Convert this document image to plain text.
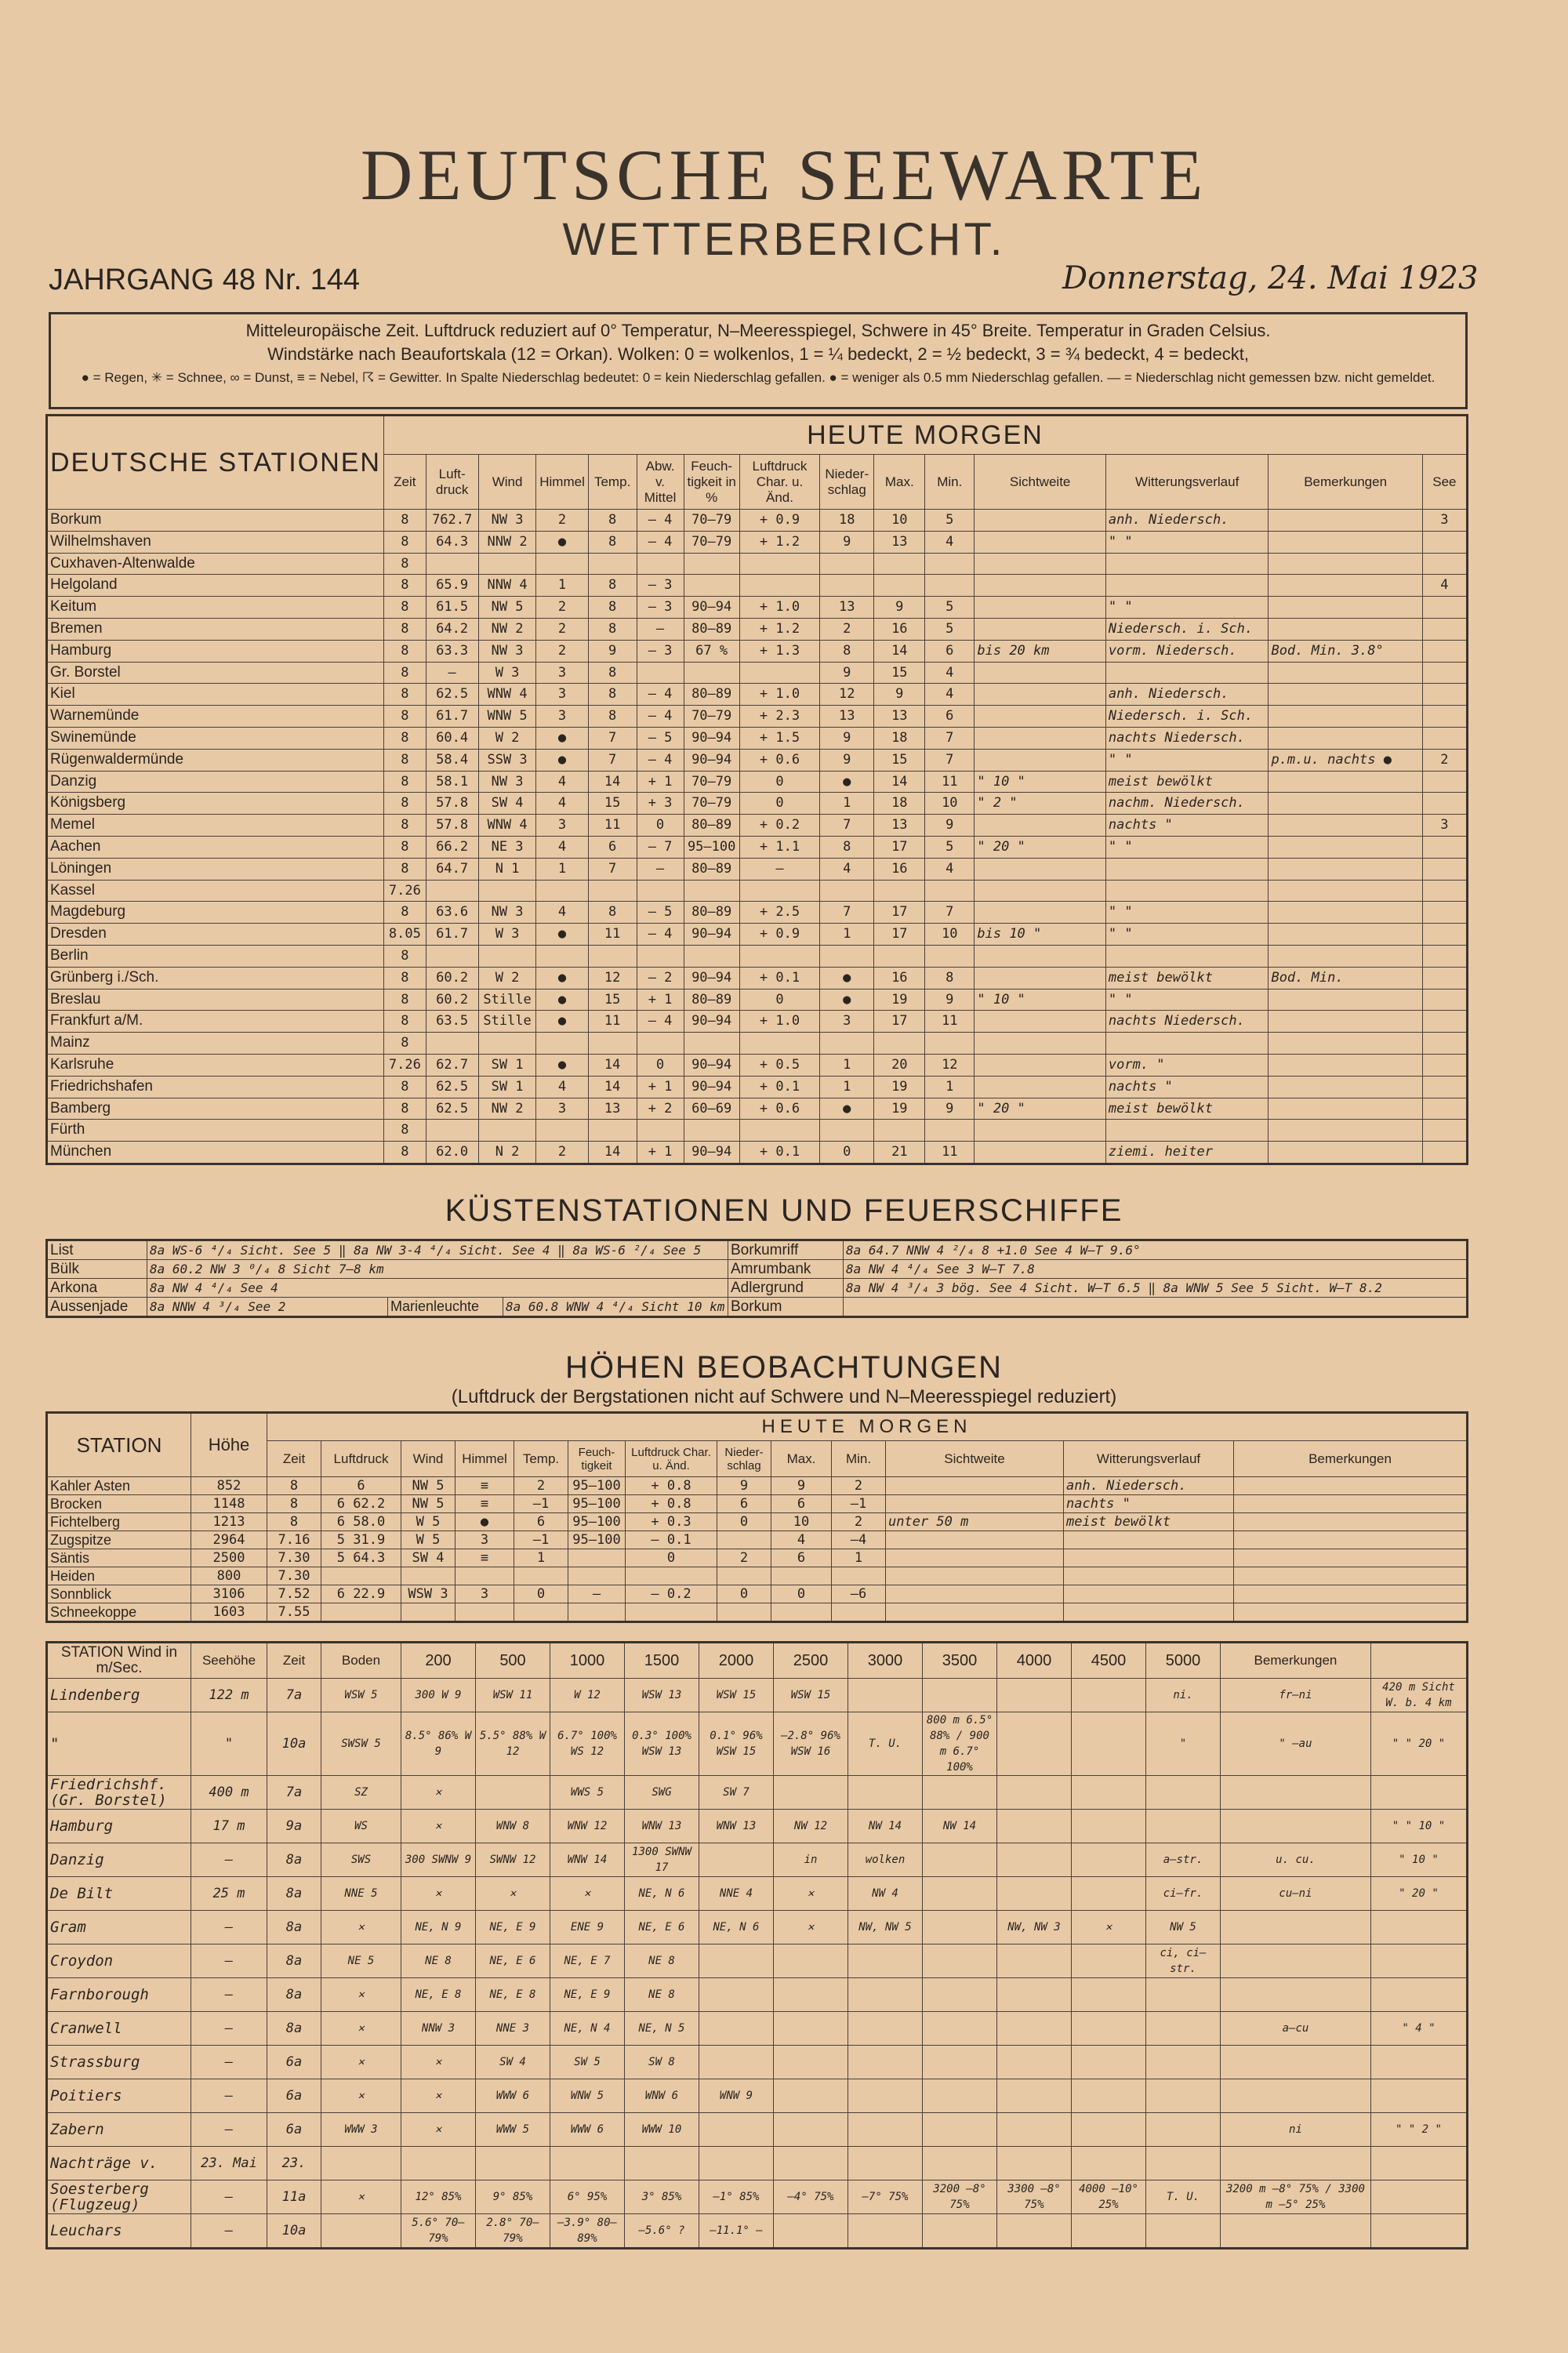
DEUTSCHE SEEWARTE
WETTERBERICHT.
JAHRGANG 48 Nr. 144	Donnerstag, 24. Mai 1923
Mitteleuropäische Zeit. Luftdruck reduziert auf 0° Temperatur, N–Meeresspiegel, Schwere in 45° Breite. Temperatur in Graden Celsius.
Windstärke nach Beaufortskala (12 = Orkan). Wolken: 0 = wolkenlos, 1 = ¼ bedeckt, 2 = ½ bedeckt, 3 = ¾ bedeckt, 4 = bedeckt,
● = Regen, ✳ = Schnee, ∞ = Dunst, ≡ = Nebel, ☈ = Gewitter. In Spalte Niederschlag bedeutet: 0 = kein Niederschlag gefallen. ● = weniger als 0.5 mm Niederschlag gefallen. — = Niederschlag nicht gemessen bzw. nicht gemeldet.
DEUTSCHE STATIONEN	HEUTE MORGEN														
	Zeit	Luft-druck	Wind	Himmel	Temp.	Abw. v. Mittel	Feuch-tigkeit in %	Luftdruck Char. u. Änd.	Nieder-schlag	Max.	Min.	Sichtweite	Witterungsverlauf	Bemerkungen	See
Borkum	8	762.7	NW 3	2	8	– 4	70–79	+ 0.9	18	10	5		anh. Niedersch.		3
Wilhelmshaven	8	64.3	NNW 2	●	8	– 4	70–79	+ 1.2	9	13	4		" "		
Cuxhaven-Altenwalde	8														
Helgoland	8	65.9	NNW 4	1	8	– 3									4
Keitum	8	61.5	NW 5	2	8	– 3	90–94	+ 1.0	13	9	5		" "		
Bremen	8	64.2	NW 2	2	8	–	80–89	+ 1.2	2	16	5		Niedersch. i. Sch.		
Hamburg	8	63.3	NW 3	2	9	– 3	67 %	+ 1.3	8	14	6	bis 20 km	vorm. Niedersch.	Bod. Min. 3.8°	
Gr. Borstel	8	–	W 3	3	8				9	15	4				
Kiel	8	62.5	WNW 4	3	8	– 4	80–89	+ 1.0	12	9	4		anh. Niedersch.		
Warnemünde	8	61.7	WNW 5	3	8	– 4	70–79	+ 2.3	13	13	6		Niedersch. i. Sch.		
Swinemünde	8	60.4	W 2	●	7	– 5	90–94	+ 1.5	9	18	7		nachts Niedersch.		
Rügenwaldermünde	8	58.4	SSW 3	●	7	– 4	90–94	+ 0.6	9	15	7		" "	p.m.u. nachts ●	2
Danzig	8	58.1	NW 3	4	14	+ 1	70–79	0	●	14	11	" 10 "	meist bewölkt		
Königsberg	8	57.8	SW 4	4	15	+ 3	70–79	0	1	18	10	" 2 "	nachm. Niedersch.		
Memel	8	57.8	WNW 4	3	11	0	80–89	+ 0.2	7	13	9		nachts "		3
Aachen	8	66.2	NE 3	4	6	– 7	95–100	+ 1.1	8	17	5	" 20 "	" "		
Löningen	8	64.7	N 1	1	7	–	80–89	–	4	16	4				
Kassel	7.26														
Magdeburg	8	63.6	NW 3	4	8	– 5	80–89	+ 2.5	7	17	7		" "		
Dresden	8.05	61.7	W 3	●	11	– 4	90–94	+ 0.9	1	17	10	bis 10 "	" "		
Berlin	8														
Grünberg i./Sch.	8	60.2	W 2	●	12	– 2	90–94	+ 0.1	●	16	8		meist bewölkt	Bod. Min.	
Breslau	8	60.2	Stille	●	15	+ 1	80–89	0	●	19	9	" 10 "	" "		
Frankfurt a/M.	8	63.5	Stille	●	11	– 4	90–94	+ 1.0	3	17	11		nachts Niedersch.		
Mainz	8														
Karlsruhe	7.26	62.7	SW 1	●	14	0	90–94	+ 0.5	1	20	12		vorm. "		
Friedrichshafen	8	62.5	SW 1	4	14	+ 1	90–94	+ 0.1	1	19	1		nachts "		
Bamberg	8	62.5	NW 2	3	13	+ 2	60–69	+ 0.6	●	19	9	" 20 "	meist bewölkt		
Fürth	8														
München	8	62.0	N 2	2	14	+ 1	90–94	+ 0.1	0	21	11		ziemi. heiter		
KÜSTENSTATIONEN UND FEUERSCHIFFE
List	8a WS-6 ⁴/₄ Sicht. See 5 ‖ 8a NW 3-4 ⁴/₄ Sicht. See 4 ‖ 8a WS-6 ²/₄ See 5			Borkumriff	8a 64.7 NNW 4 ²/₄ 8 +1.0 See 4 W–T 9.6°
Bülk	8a 60.2 NW 3 ⁰/₄ 8 Sicht 7–8 km			Amrumbank	8a NW 4 ⁴/₄ See 3 W–T 7.8
Arkona	8a NW 4 ⁴/₄ See 4			Adlergrund	8a NW 4 ³/₄ 3 bög. See 4 Sicht. W–T 6.5 ‖ 8a WNW 5 See 5 Sicht. W–T 8.2
Aussenjade	8a NNW 4 ³/₄ See 2	Marienleuchte	8a 60.8 WNW 4 ⁴/₄ Sicht 10 km	Borkum	
HÖHEN BEOBACHTUNGEN
(Luftdruck der Bergstationen nicht auf Schwere und N–Meeresspiegel reduziert)
STATION	Höhe	HEUTE MORGEN												
		Zeit	Luftdruck	Wind	Himmel	Temp.	Feuch-tigkeit	Luftdruck Char. u. Änd.	Nieder-schlag	Max.	Min.	Sichtweite	Witterungsverlauf	Bemerkungen
Kahler Asten	852	8	6	NW 5	≡	2	95–100	+ 0.8	9	9	2		anh. Niedersch.	
Brocken	1148	8	6 62.2	NW 5	≡	–1	95–100	+ 0.8	6	6	–1		nachts "	
Fichtelberg	1213	8	6 58.0	W 5	●	6	95–100	+ 0.3	0	10	2	unter 50 m	meist bewölkt	
Zugspitze	2964	7.16	5 31.9	W 5	3	–1	95–100	– 0.1		4	–4			
Säntis	2500	7.30	5 64.3	SW 4	≡	1		0	2	6	1			
Heiden	800	7.30												
Sonnblick	3106	7.52	6 22.9	WSW 3	3	0	–	– 0.2	0	0	–6			
Schneekoppe	1603	7.55												
STATION Wind in m/Sec.	Seehöhe	Zeit	Boden	200	500	1000	1500	2000	2500	3000	3500	4000	4500	5000	Bemerkungen	
Lindenberg	122 m	7a	WSW 5	300 W 9	WSW 11	W 12	WSW 13	WSW 15	WSW 15					ni.	fr–ni	420 m Sicht W. b. 4 km
"	"	10a	SWSW 5	8.5° 86% W 9	5.5° 88% W 12	6.7° 100% WS 12	0.3° 100% WSW 13	0.1° 96% WSW 15	–2.8° 96% WSW 16	T. U.	800 m 6.5° 88% / 900 m 6.7° 100%			"	" –au	" " 20 "
Friedrichshf. (Gr. Borstel)	400 m	7a	SZ	✕		WWS 5	SWG	SW 7								
Hamburg	17 m	9a	WS	✕	WNW 8	WNW 12	WNW 13	WNW 13	NW 12	NW 14	NW 14					" " 10 "
Danzig	–	8a	SWS	300 SWNW 9	SWNW 12	WNW 14	1300 SWNW 17		in	wolken				a–str.	u. cu.	" 10 "
De Bilt	25 m	8a	NNE 5	✕	✕	✕	NE, N 6	NNE 4	✕	NW 4				ci–fr.	cu–ni	" 20 "
Gram	–	8a	✕	NE, N 9	NE, E 9	ENE 9	NE, E 6	NE, N 6	✕	NW, NW 5		NW, NW 3	✕	NW 5		
Croydon	–	8a	NE 5	NE 8	NE, E 6	NE, E 7	NE 8							ci, ci–str.		
Farnborough	–	8a	✕	NE, E 8	NE, E 8	NE, E 9	NE 8									
Cranwell	–	8a	✕	NNW 3	NNE 3	NE, N 4	NE, N 5								a–cu	" 4 "
Strassburg	–	6a	✕	✕	SW 4	SW 5	SW 8									
Poitiers	–	6a	✕	✕	WWW 6	WNW 5	WNW 6	WNW 9								
Zabern	–	6a	WWW 3	✕	WWW 5	WWW 6	WWW 10								ni	" " 2 "
Nachträge v.	23. Mai	23.														
Soesterberg (Flugzeug)	–	11a	✕	12° 85%	9° 85%	6° 95%	3° 85%	–1° 85%	–4° 75%	–7° 75%	3200 –8° 75%	3300 –8° 75%	4000 –10° 25%	T. U.	3200 m –8° 75% / 3300 m –5° 25%	
Leuchars	–	10a		5.6° 70–79%	2.8° 70–79%	–3.9° 80–89%	–5.6° ?	–11.1° –								
